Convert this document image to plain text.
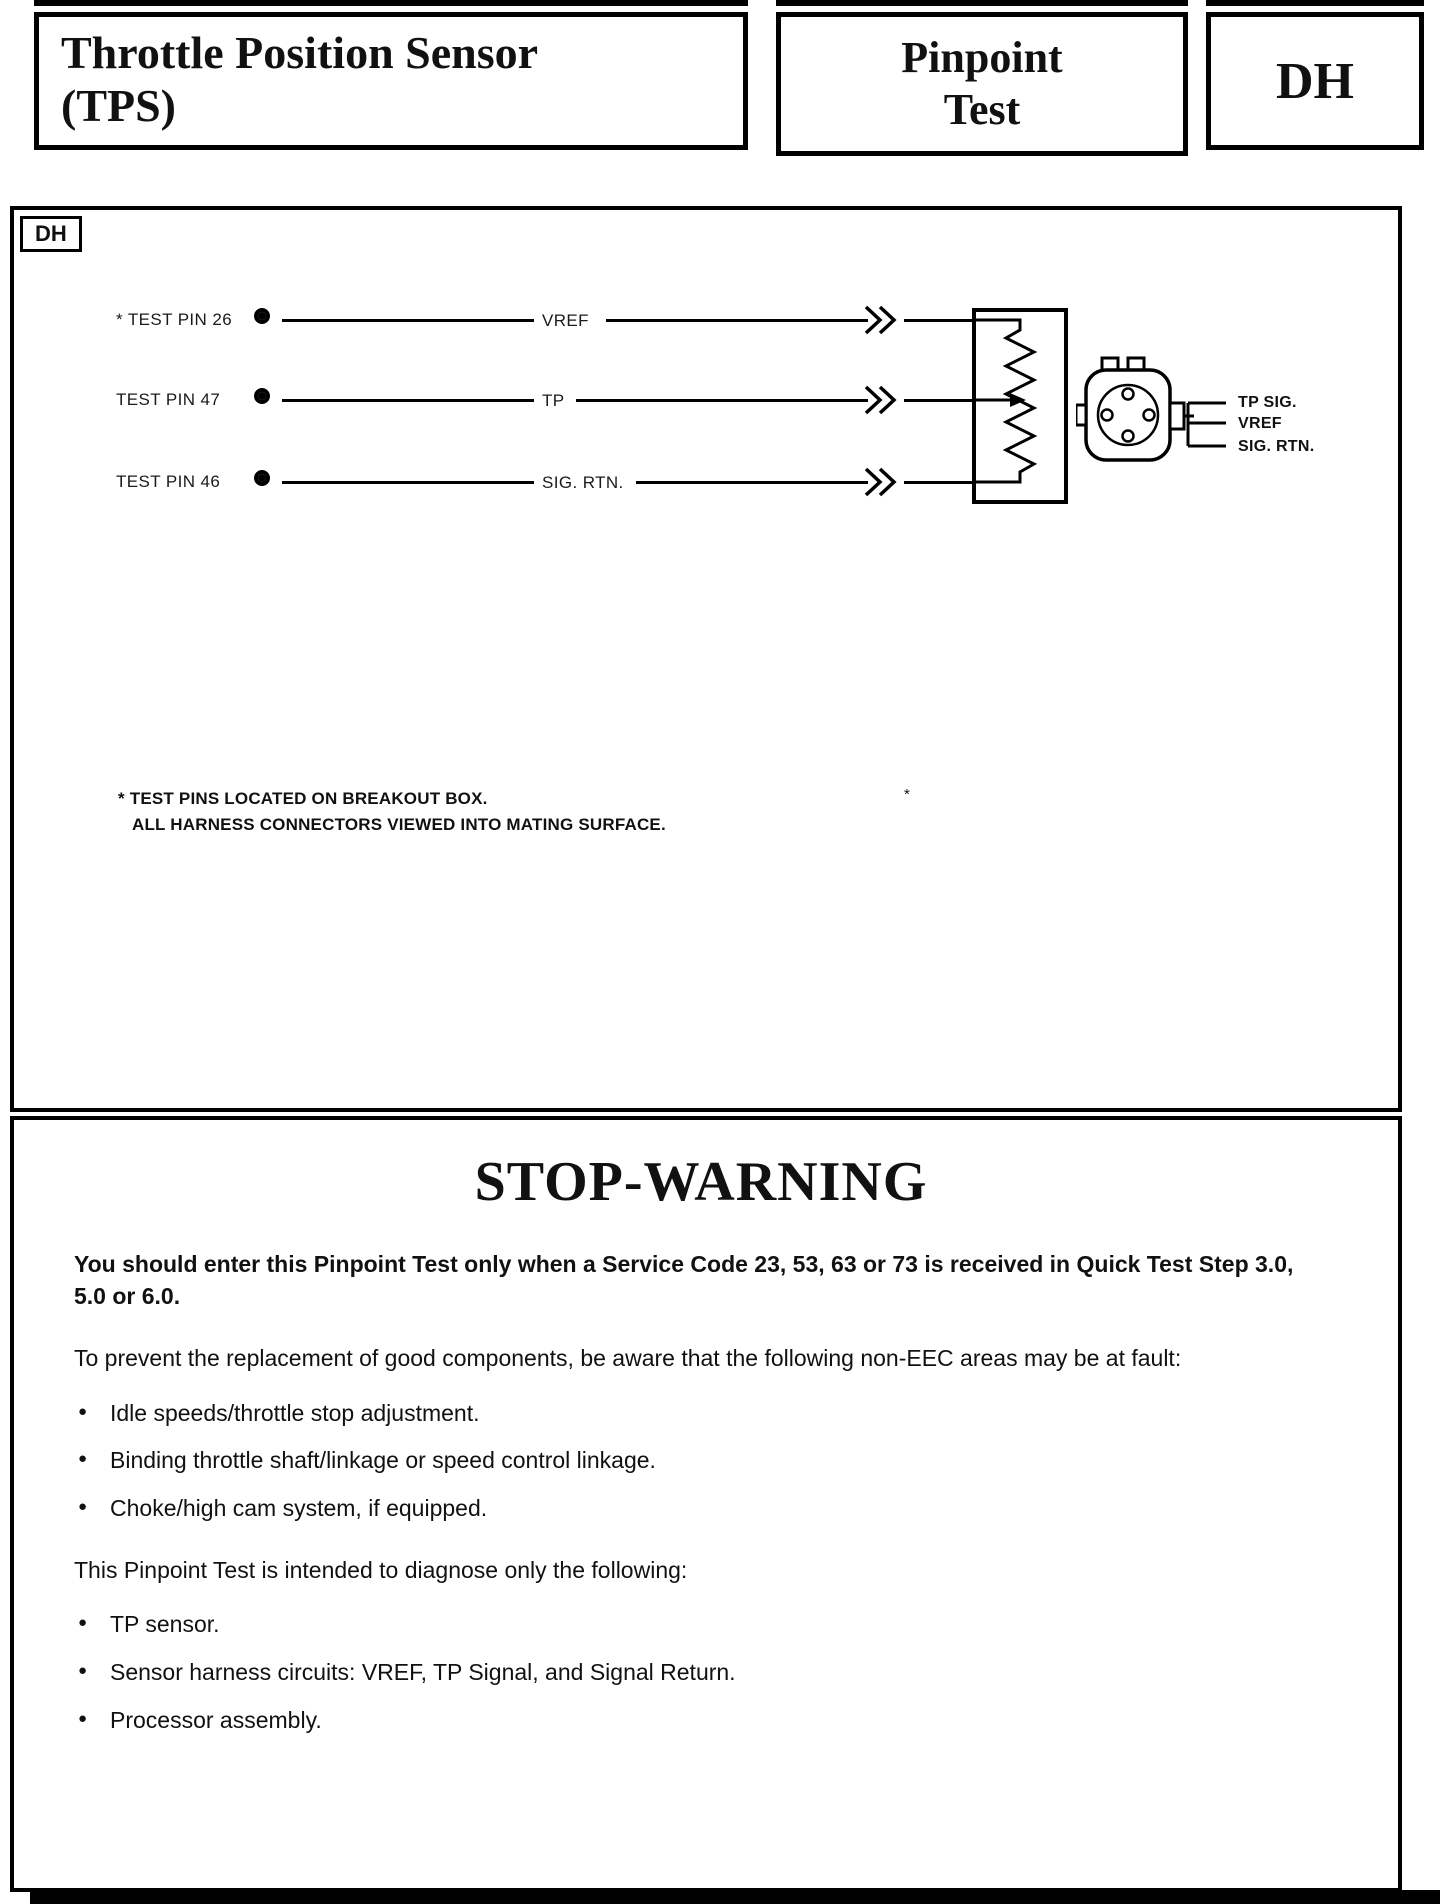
Throttle Position Sensor
(TPS)
Pinpoint
Test	DH
DH
* TEST PIN 26	VREF
TEST PIN 47	TP
TEST PIN 46	SIG. RTN.
TP SIG.
VREF
SIG. RTN.
* TEST PINS LOCATED ON BREAKOUT BOX.
ALL HARNESS CONNECTORS VIEWED INTO MATING SURFACE.
*
STOP-WARNING

You should enter this Pinpoint Test only when a Service Code 23, 53, 63 or 73 is received in Quick Test Step 3.0, 5.0 or 6.0.

To prevent the replacement of good components, be aware that the following non-EEC areas may be at fault:

● Idle speeds/throttle stop adjustment.
● Binding throttle shaft/linkage or speed control linkage.
● Choke/high cam system, if equipped.

This Pinpoint Test is intended to diagnose only the following:

● TP sensor.
● Sensor harness circuits: VREF, TP Signal, and Signal Return.
● Processor assembly.
